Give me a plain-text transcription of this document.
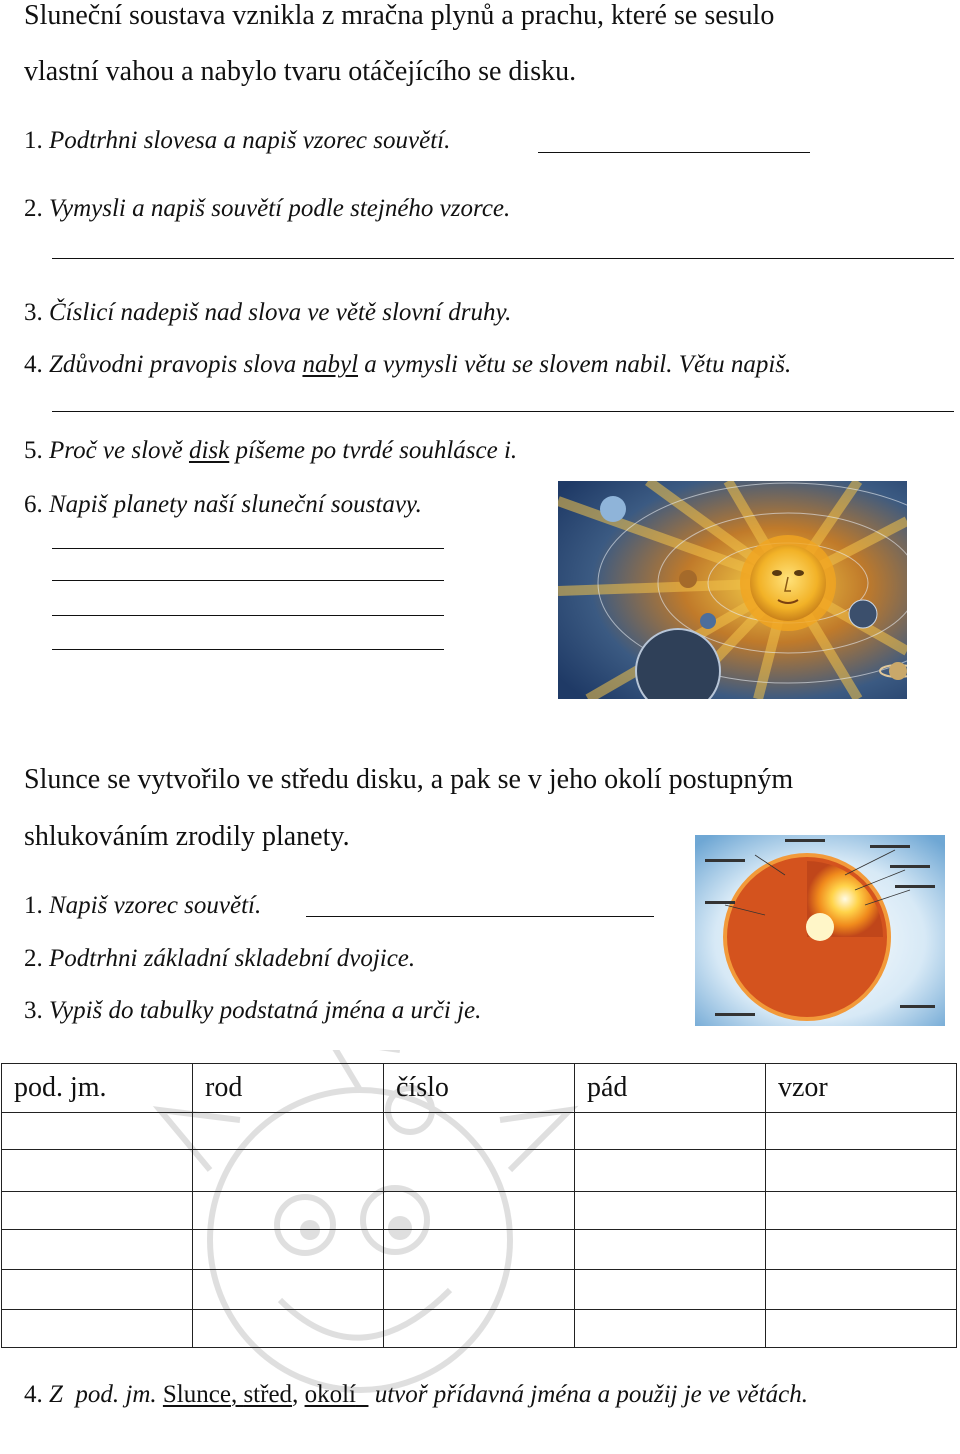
Sluneční soustava vznikla z mračna plynů a prachu, které se sesulo
vlastní vahou a nabylo tvaru otáčejícího se disku.
1. Podtrhni slovesa a napiš vzorec souvětí.
2. Vymysli a napiš souvětí podle stejného vzorce.
3. Číslicí nadepiš nad slova ve větě slovní druhy.
4. Zdůvodni pravopis slova nabyl a vymysli větu se slovem nabil. Větu napiš.
5. Proč ve slově disk píšeme po tvrdé souhlásce i.
6. Napiš planety naší sluneční soustavy.
Slunce se vytvořilo ve středu disku, a pak se v jeho okolí postupným
shlukováním zrodily planety.
1. Napiš vzorec souvětí.
2. Podtrhni základní skladební dvojice.
3. Vypiš do tabulky podstatná jména a urči je.
pod. jm.	rod	číslo	pád	vzor

4. Z pod. jm. Slunce, střed, okolí utvoř přídavná jména a použij je ve větách.
